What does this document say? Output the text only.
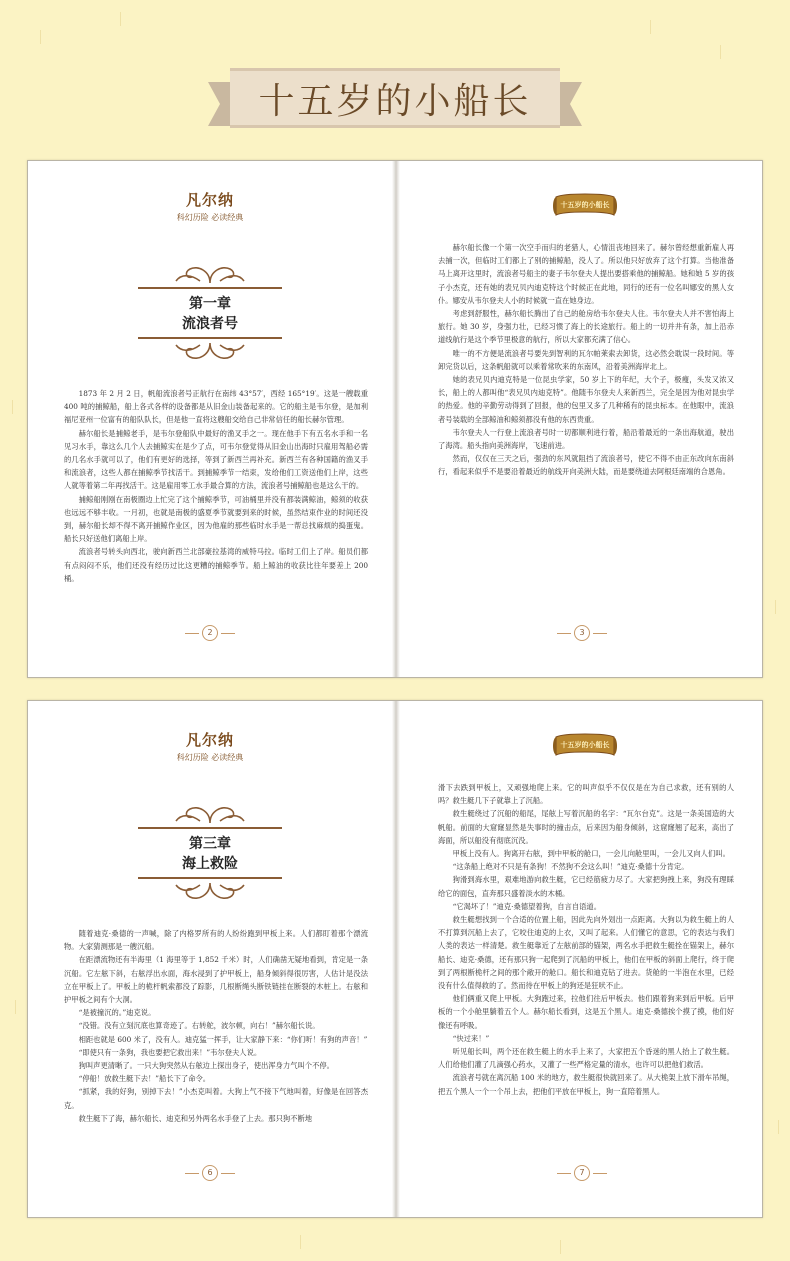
十五岁的小船长
凡尔纳
科幻历险 必读经典
第一章
流浪者号

1873 年 2 月 2 日，帆船流浪者号正航行在南纬 43°57′，西经 165°19′。这是一艘载重 400 吨的捕鲸船，船上各式各样的设备都是从旧金山装备起来的。它的船主是韦尔登，是加利福尼亚州一位富有的船队队长，但是他一直将这艘船交给自己非常信任的船长赫尔管理。

赫尔船长是捕鲸老手，是韦尔登船队中最好的渔叉手之一。现在他手下有五名水手和一名见习水手，靠这么几个人去捕鲸实在是少了点，可韦尔登觉得从旧金山出海时只雇用驾船必需的几名水手就可以了，他们有更好的选择，等到了新西兰再补充。新西兰有各种国籍的渔叉手和流浪者，这些人都在捕鲸季节找活干。到捕鲸季节一结束，发给他们工资送他们上岸，这些人就等着第二年再找活干。这是雇用零工水手最合算的方法，流浪者号捕鲸船也是这么干的。

捕鲸船刚刚在南极圈边上忙完了这个捕鲸季节，可油桶里并没有都装满鲸油，鲸须的收获也远远不够丰收。一月初，也就是南极的盛夏季节就要到来的时候，虽然结束作业的时间还没到，赫尔船长却不得不离开捕鲸作业区，因为他雇的那些临时水手是一帮总找麻烦的捣蛋鬼。船长只好送他们离船上岸。

流浪者号转头向西北，驶向新西兰北部豪拉基湾的威特马拉。临时工们上了岸。船员们都有点闷闷不乐，他们还没有经历过比这更糟的捕鲸季节。船上鲸油的收获比往年要差上 200 桶。

2
十五岁的小船长

赫尔船长像一个第一次空手而归的老猎人，心情沮丧地回来了。赫尔曾经想重新雇人再去捕一次，但临时工们都上了别的捕鲸船，没人了。所以他只好放弃了这个打算。当他准备马上离开这里时，流浪者号船主的妻子韦尔登夫人提出要搭乘他的捕鲸船。她和她 5 岁的孩子小杰克，还有她的表兄贝内迪克特这个时候正在此地，同行的还有一位名叫娜安的黑人女仆。娜安从韦尔登夫人小的时候就一直在她身边。

考虑到舒服性，赫尔船长腾出了自己的舱房给韦尔登夫人住。韦尔登夫人并不害怕海上旅行。她 30 岁，身强力壮，已经习惯了海上的长途旅行。船上的一切并井有条，加上沿赤道线航行是这个季节里极意的航行，所以大家都充满了信心。

唯一的不方便是流浪者号要先到智利的瓦尔帕莱索去卸货，这必然会耽误一段时间。等卸完货以后，这条帆船就可以乘着常吹来的东南风，沿着美洲海岸北上。

她的表兄贝内迪克特是一位昆虫学家，50 岁上下的年纪，大个子，极瘦，头发又浓又长，船上的人都叫他“表兄贝内迪克特”。他随韦尔登夫人来新西兰，完全是因为他对昆虫学的热爱。他的辛勤劳动得到了回报，他的包里又多了几种稀有的昆虫标本。在他眼中，流浪者号装载的全部鲸油和鲸须都没有他的东西贵重。

韦尔登夫人一行登上流浪者号时一切都顺利进行着，船沿着最近的一条出海航道，驶出了海湾。船头指向美洲海岸，飞速前进。

然而，仅仅在三天之后，强劲的东风就阻挡了流浪者号，使它不得不由正东改向东南斜行，看起来似乎不是要沿着最近的航线开向美洲大陆，而是要绕道去阿根廷南端的合恩角。

3
凡尔纳
科幻历险 必读经典
第三章
海上救险

随着迪克·桑德的一声喊，除了内格罗所有的人纷纷跑到甲板上来。人们都盯着那个漂流物。大家猜测那是一艘沉船。

在距漂流物还有半海里（1 海里等于 1,852 千米）时，人们确凿无疑地看到，肯定是一条沉船。它左舷下斜，右舷浮出水面，海水浸到了护甲板上，船身倾斜得很厉害，人估计是没法立在甲板上了。甲板上的桅杆帆索都没了踪影，几根断绳头断铁链挂在断裂的木桩上。右舷和护甲板之间有个大洞。

“是被撞沉的。”迪克说。

“没错。没有立刻沉底也算奇迹了。右转舵，波尔顿，向右！”赫尔船长说。

相距也就是 600 米了，没有人。迪克猛一挥手，让大家静下来：“你们听！有狗的声音！”

“即使只有一条狗，我也要把它救出来！”韦尔登夫人说。

狗叫声更清晰了。一只大狗突然从右舷边上探出身子，使出浑身力气叫个不停。

“停船！放救生艇下去！”船长下了命令。

“抓紧，我的好狗，别掉下去！”小杰克叫着。大狗上气不接下气地叫着，好像是在回答杰克。

救生艇下了海，赫尔船长、迪克和另外两名水手登了上去。那只狗不断地

6
十五岁的小船长

滑下去跌到甲板上，又顽强地爬上来。它的叫声似乎不仅仅是在为自己求救，还有别的人吗？救生艇几下子就靠上了沉船。

救生艇绕过了沉船的船尾，尾舷上写着沉船的名字：“瓦尔台克”。这是一条美国造的大帆船。前面的大窟窿显然是失事时的撞击点，后来因为船身倾斜，这窟窿翘了起来，高出了海面，所以船没有彻底沉没。

甲板上没有人。狗离开右舷，到中甲板的舱口，一会儿向舱里叫，一会儿又向人们叫。

“这条船上绝对不只是有条狗！不然狗不会这么叫！”迪克·桑德十分肯定。

狗滑到海水里，艰难地游向救生艇，它已经筋疲力尽了。大家把狗拽上来，狗没有理睬给它的面包，直奔那只盛着淡水的木桶。

“它渴坏了！”迪克·桑德望着狗，自言自语道。

救生艇想找到一个合适的位置上船，因此先向外划出一点距离。大狗以为救生艇上的人不打算到沉船上去了，它咬住迪克的上衣，又叫了起来。人们懂它的意思，它的表达与我们人类的表达一样清楚。救生艇靠近了左舷前部的锚架，两名水手把救生艇拴在锚架上，赫尔船长、迪克·桑德，还有那只狗一起爬到了沉船的甲板上，他们在甲板的斜面上爬行，终于爬到了两根断桅杆之间的那个敞开的舱口。船长和迪克钻了进去。货舱的一半泡在水里，已经没有什么值得救的了。然而待在甲板上的狗还是狂吠不止。

他们俩重又爬上甲板。大狗跑过来，拉他们往后甲板去。他们跟着狗来到后甲板。后甲板的一个小舱里躺着五个人。赫尔船长看到，这是五个黑人。迪克·桑德挨个摸了摸，他们好像还有呼吸。

“快过来！”

听见船长叫，两个还在救生艇上的水手上来了，大家把五个昏迷的黑人抬上了救生艇。人们给他们灌了几滴强心药水，又灌了一些严格定量的清水，也许可以把他们救活。

流浪者号就在离沉船 100 米的地方，救生艇很快就回来了。从大桅架上放下滑车吊绳，把五个黑人一个一个吊上去，把他们平放在甲板上，狗一直陪着黑人。

7
